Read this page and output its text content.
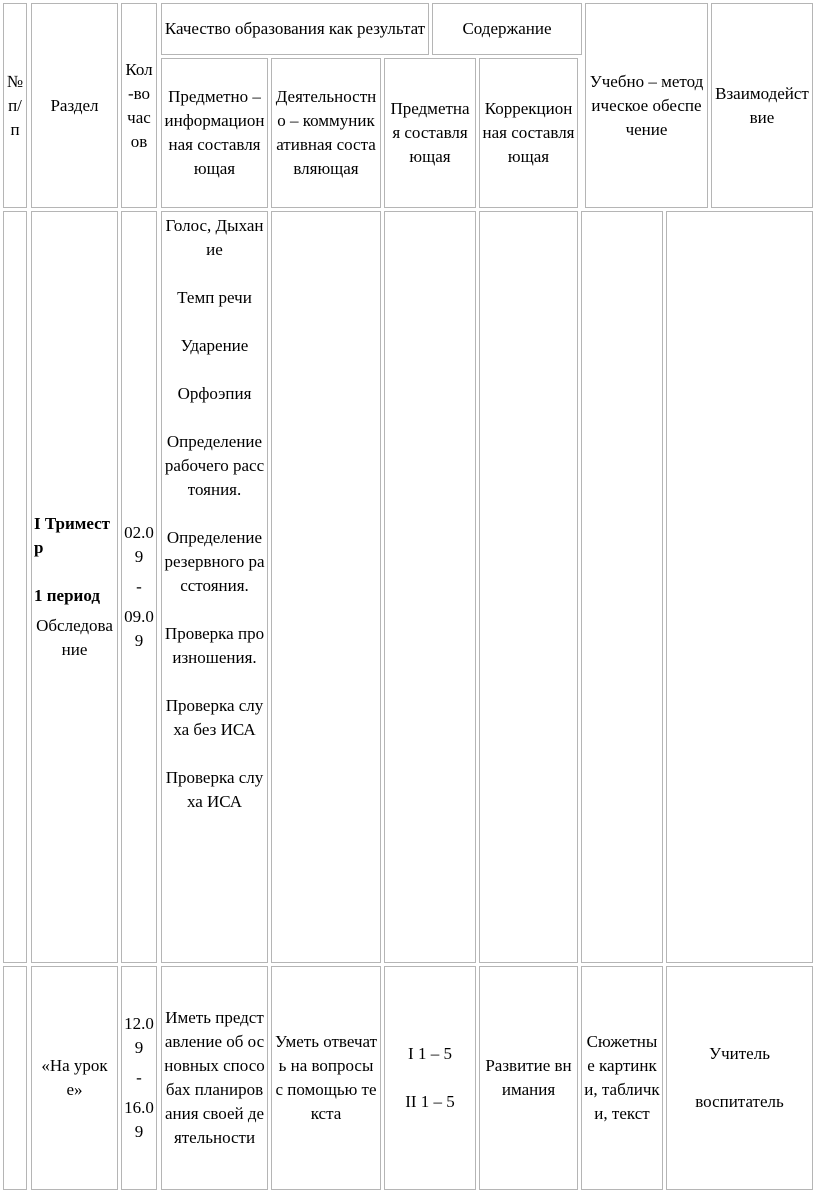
№ п/п
Раздел
Кол-во часов
Качество образования как результат Содержание
Предметно – информационная составляющая
Деятельностно – коммуникативная составляющая
Предметная составляющая
Коррекционная составляющая
Учебно – методическое обеспечение
Взаимодействие
I Триместр
1 период
Обследование
02.09
-
09.09
Голос, Дыхание
Темп речи
Ударение
Орфоэпия
Определение рабочего расстояния.
Определение резервного расстояния.
Проверка произношения.
Проверка слуха без ИСА
Проверка слуха ИСА
«На уроке»
12.09
-
16.09
Иметь представление об основных способах планирования своей деятельности
Уметь отвечать на вопросы с помощью текста
I 1 – 5
II 1 – 5
Развитие внимания
Сюжетные картинки, таблички, текст
Учитель
воспитатель
